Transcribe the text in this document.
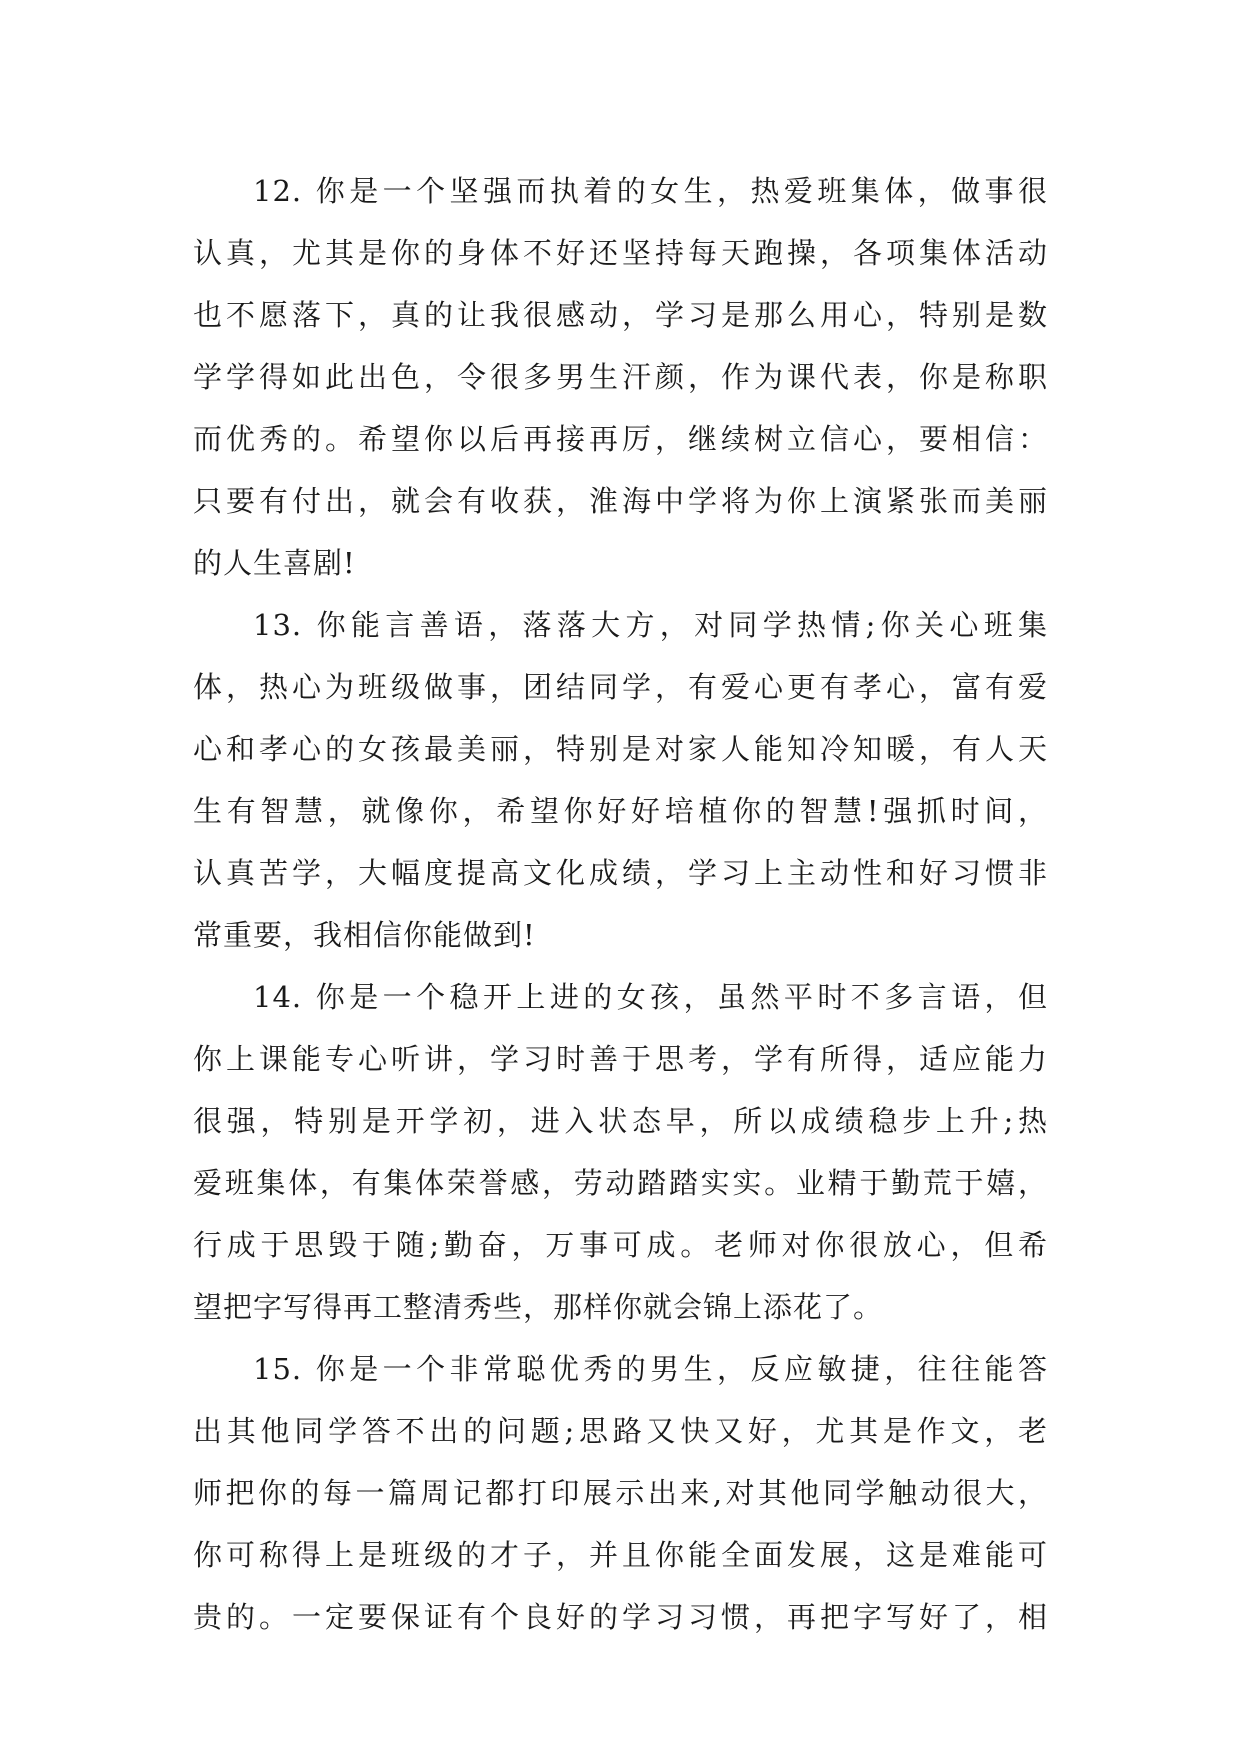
12. 你是一个坚强而执着的女生，热爱班集体，做事很
认真，尤其是你的身体不好还坚持每天跑操，各项集体活动
也不愿落下，真的让我很感动，学习是那么用心，特别是数
学学得如此出色，令很多男生汗颜，作为课代表，你是称职
而优秀的。希望你以后再接再厉，继续树立信心，要相信：
只要有付出，就会有收获，淮海中学将为你上演紧张而美丽
的人生喜剧!
13. 你能言善语，落落大方，对同学热情;你关心班集
体，热心为班级做事，团结同学，有爱心更有孝心，富有爱
心和孝心的女孩最美丽，特别是对家人能知冷知暖，有人天
生有智慧，就像你，希望你好好培植你的智慧!强抓时间，
认真苦学，大幅度提高文化成绩，学习上主动性和好习惯非
常重要，我相信你能做到!
14. 你是一个稳开上进的女孩，虽然平时不多言语，但
你上课能专心听讲，学习时善于思考，学有所得，适应能力
很强，特别是开学初，进入状态早，所以成绩稳步上升;热
爱班集体，有集体荣誉感，劳动踏踏实实。业精于勤荒于嬉，
行成于思毁于随;勤奋，万事可成。老师对你很放心，但希
望把字写得再工整清秀些，那样你就会锦上添花了。
15. 你是一个非常聪优秀的男生，反应敏捷，往往能答
出其他同学答不出的问题;思路又快又好，尤其是作文，老
师把你的每一篇周记都打印展示出来,对其他同学触动很大，
你可称得上是班级的才子，并且你能全面发展，这是难能可
贵的。一定要保证有个良好的学习习惯，再把字写好了，相
